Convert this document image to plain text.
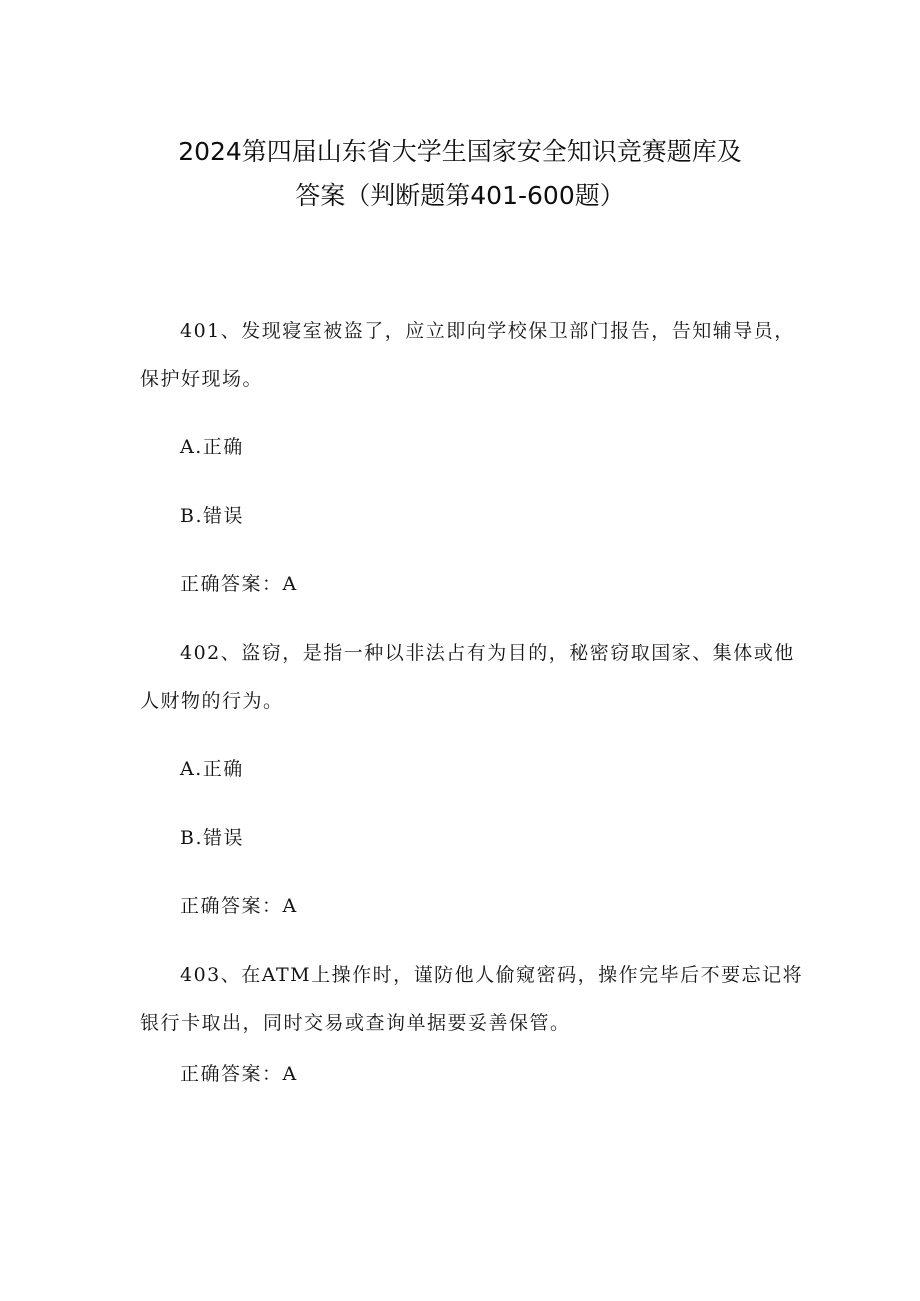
2024第四届山东省大学生国家安全知识竞赛题库及
答案（判断题第401-600题）
401、发现寝室被盗了，应立即向学校保卫部门报告，告知辅导员，
保护好现场。
A.正确
B.错误
正确答案：A
402、盗窃，是指一种以非法占有为目的，秘密窃取国家、集体或他
人财物的行为。
A.正确
B.错误
正确答案：A
403、在ATM上操作时，谨防他人偷窥密码，操作完毕后不要忘记将
银行卡取出，同时交易或查询单据要妥善保管。
正确答案：A
